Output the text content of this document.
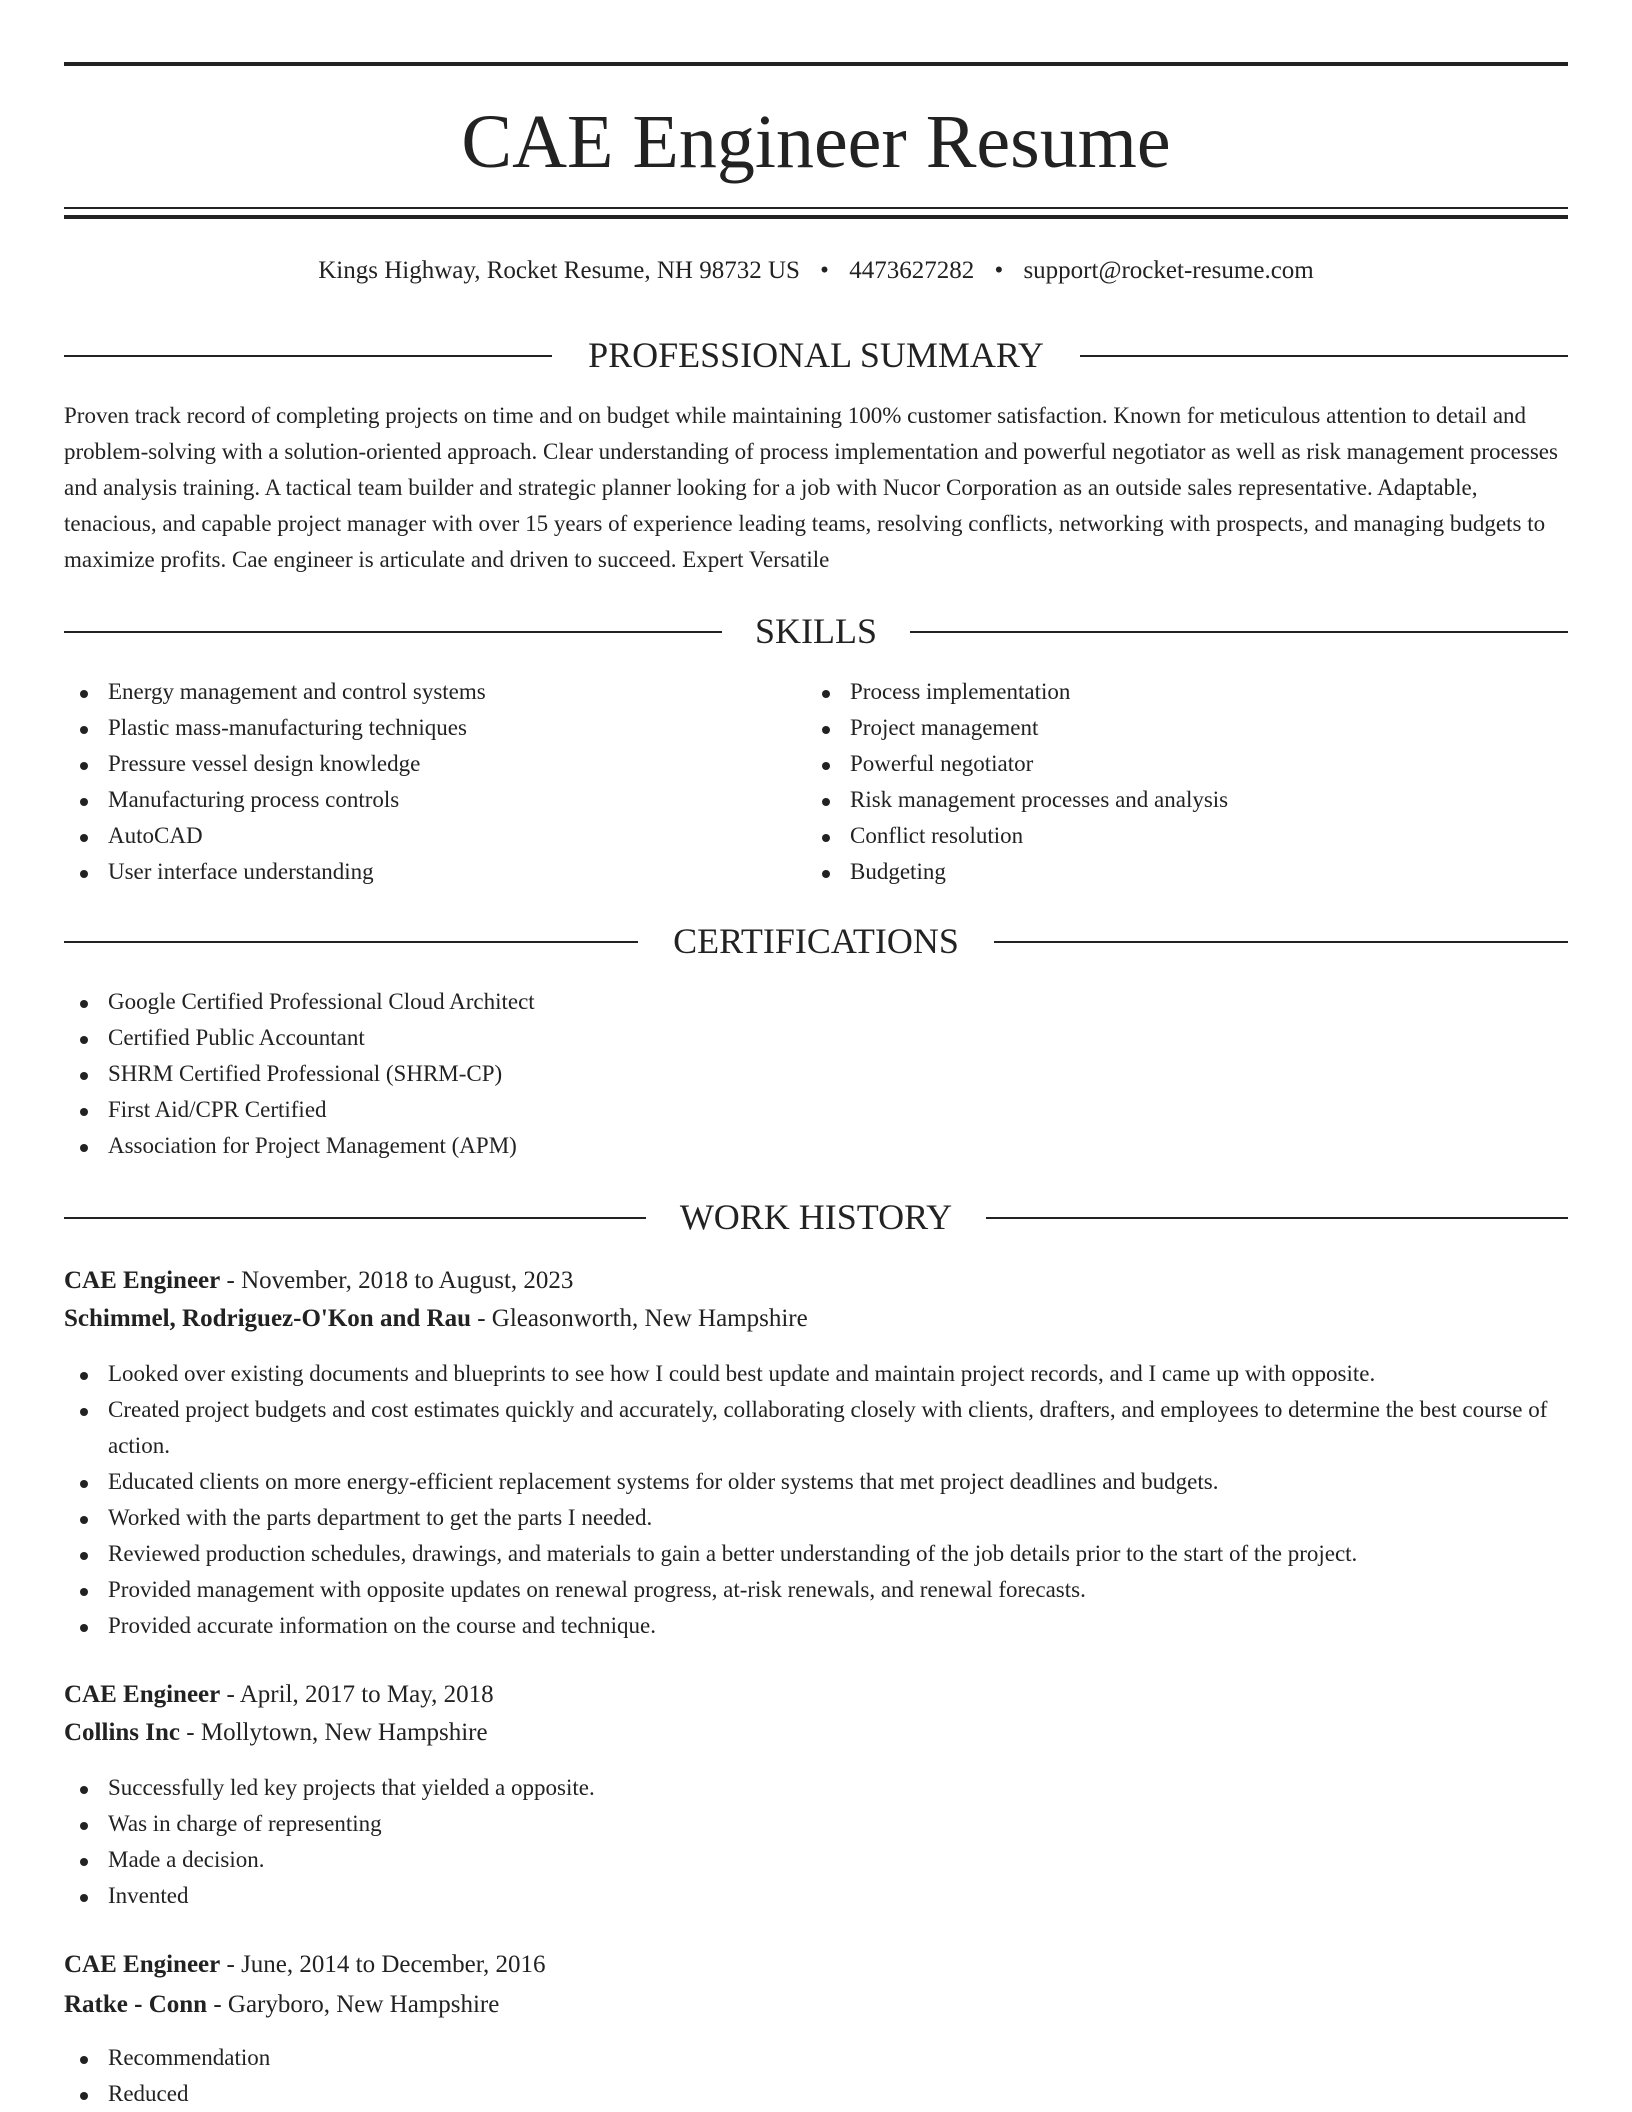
CAE Engineer Resume
Kings Highway, Rocket Resume, NH 98732 US • 4473627282 • support@rocket-resume.com
PROFESSIONAL SUMMARY

Proven track record of completing projects on time and on budget while maintaining 100% customer satisfaction. Known for meticulous attention to detail and problem-solving with a solution-oriented approach. Clear understanding of process implementation and powerful negotiator as well as risk management processes and analysis training. A tactical team builder and strategic planner looking for a job with Nucor Corporation as an outside sales representative. Adaptable, tenacious, and capable project manager with over 15 years of experience leading teams, resolving conflicts, networking with prospects, and managing budgets to maximize profits. Cae engineer is articulate and driven to succeed. Expert Versatile

SKILLS
Energy management and control systems
Plastic mass-manufacturing techniques
Pressure vessel design knowledge
Manufacturing process controls
AutoCAD
User interface understanding
Process implementation
Project management
Powerful negotiator
Risk management processes and analysis
Conflict resolution
Budgeting
CERTIFICATIONS
Google Certified Professional Cloud Architect
Certified Public Accountant
SHRM Certified Professional (SHRM-CP)
First Aid/CPR Certified
Association for Project Management (APM)
WORK HISTORY
CAE Engineer - November, 2018 to August, 2023
Schimmel, Rodriguez-O'Kon and Rau - Gleasonworth, New Hampshire
Looked over existing documents and blueprints to see how I could best update and maintain project records, and I came up with opposite.
Created project budgets and cost estimates quickly and accurately, collaborating closely with clients, drafters, and employees to determine the best course of action.
Educated clients on more energy-efficient replacement systems for older systems that met project deadlines and budgets.
Worked with the parts department to get the parts I needed.
Reviewed production schedules, drawings, and materials to gain a better understanding of the job details prior to the start of the project.
Provided management with opposite updates on renewal progress, at-risk renewals, and renewal forecasts.
Provided accurate information on the course and technique.
CAE Engineer - April, 2017 to May, 2018
Collins Inc - Mollytown, New Hampshire
Successfully led key projects that yielded a opposite.
Was in charge of representing
Made a decision.
Invented
CAE Engineer - June, 2014 to December, 2016
Ratke - Conn - Garyboro, New Hampshire
Recommendation
Reduced
